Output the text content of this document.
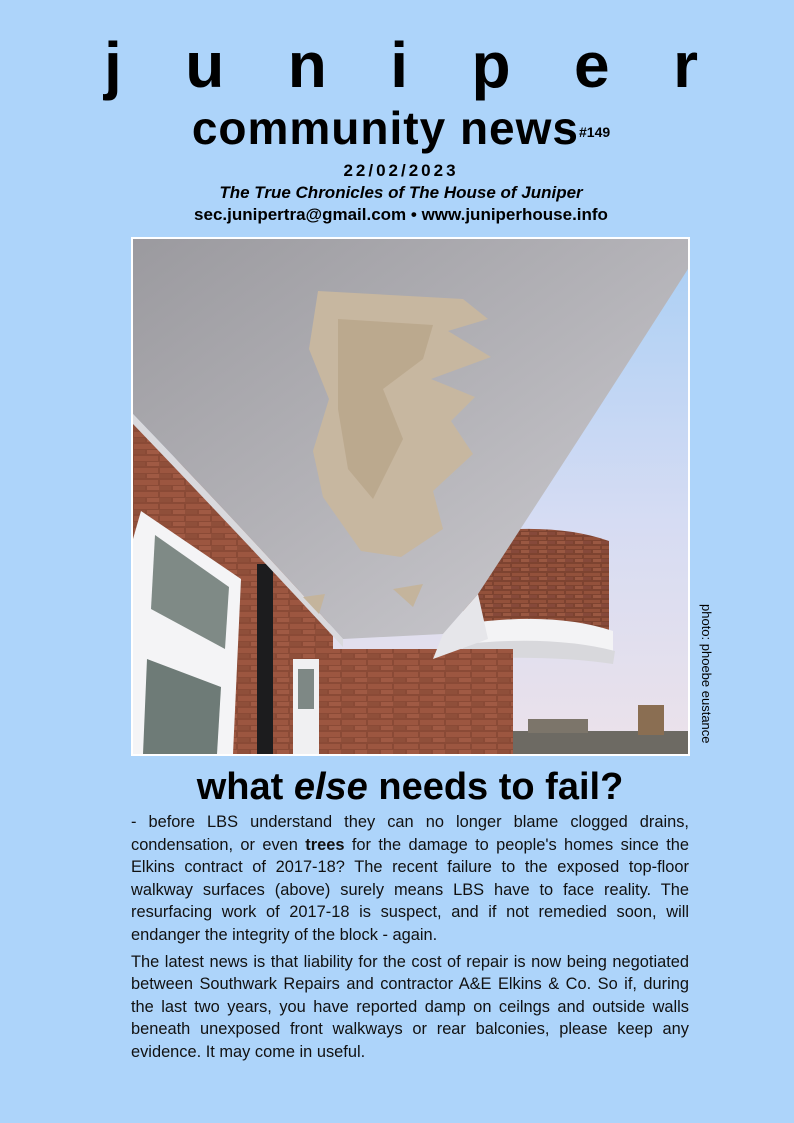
j u n i p e r
community news$^{\#149}$
22/02/2023
The True Chronicles of The House of Juniper
sec.junipertra@gmail.com • www.juniperhouse.info
photo: phoebe eustance
what else needs to fail?

- before LBS understand they can no longer blame clogged drains, condensation, or even trees for the damage to people's homes since the Elkins contract of 2017-18? The recent failure to the exposed top-floor walkway surfaces (above) surely means LBS have to face reality. The resurfacing work of 2017-18 is suspect, and if not remedied soon, will endanger the integrity of the block - again.

The latest news is that liability for the cost of repair is now being negotiated between Southwark Repairs and contractor A&E Elkins & Co. So if, during the last two years, you have reported damp on ceilngs and outside walls beneath unexposed front walkways or rear balconies, please keep any evidence. It may come in useful.
